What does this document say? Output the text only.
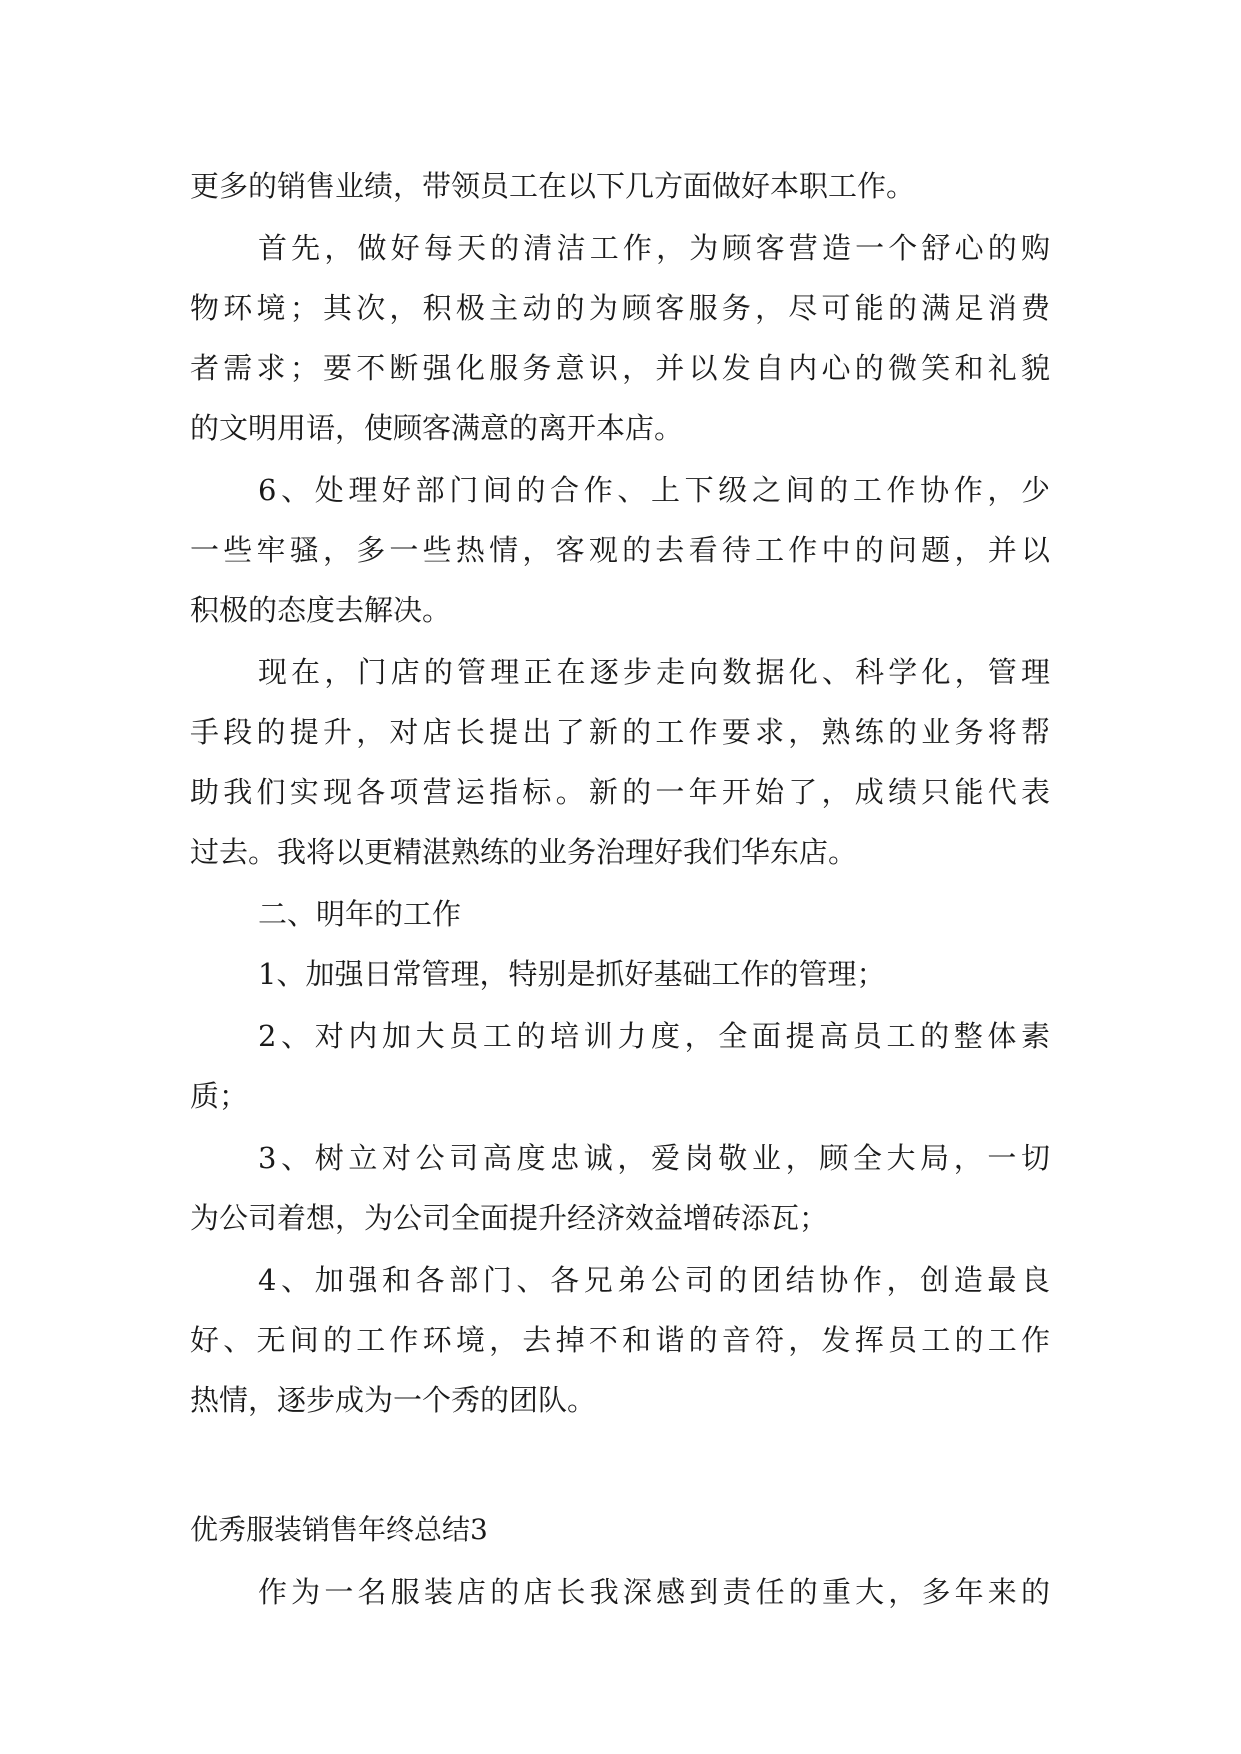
更多的销售业绩，带领员工在以下几方面做好本职工作。
首先，做好每天的清洁工作，为顾客营造一个舒心的购
物环境；其次，积极主动的为顾客服务，尽可能的满足消费
者需求；要不断强化服务意识，并以发自内心的微笑和礼貌
的文明用语，使顾客满意的离开本店。
6、处理好部门间的合作、上下级之间的工作协作，少
一些牢骚，多一些热情，客观的去看待工作中的问题，并以
积极的态度去解决。
现在，门店的管理正在逐步走向数据化、科学化，管理
手段的提升，对店长提出了新的工作要求，熟练的业务将帮
助我们实现各项营运指标。新的一年开始了，成绩只能代表
过去。我将以更精湛熟练的业务治理好我们华东店。
二、明年的工作
1、加强日常管理，特别是抓好基础工作的管理；
2、对内加大员工的培训力度，全面提高员工的整体素
质；
3、树立对公司高度忠诚，爱岗敬业，顾全大局，一切
为公司着想，为公司全面提升经济效益增砖添瓦；
4、加强和各部门、各兄弟公司的团结协作，创造最良
好、无间的工作环境，去掉不和谐的音符，发挥员工的工作
热情，逐步成为一个秀的团队。
优秀服装销售年终总结3
作为一名服装店的店长我深感到责任的重大，多年来的
